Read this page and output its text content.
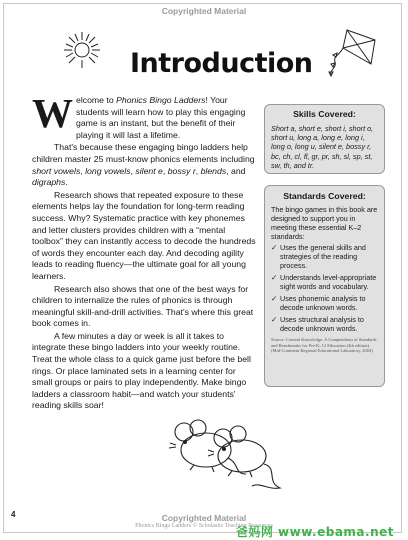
Copyrighted Material
Introduction

Welcome to Phonics Bingo Ladders! Your students will learn how to play this engaging game is an instant, but the benefit of their playing it will last a lifetime.

That's because these engaging bingo ladders help children master 25 must-know phonics elements including short vowels, long vowels, silent e, bossy r, blends, and digraphs.

Research shows that repeated exposure to these elements helps lay the foundation for long-term reading success. Why? Systematic practice with key phonemes and letter clusters provides children with a “mental toolbox” they can instantly access to decode the hundreds of words they encounter each day. And decoding agility leads to reading fluency—the ultimate goal for all young learners.

Research also shows that one of the best ways for children to internalize the rules of phonics is through meaningful skill-and-drill activities. That's where this great book comes in.

A few minutes a day or week is all it takes to integrate these bingo ladders into your weekly routine. Treat the whole class to a quick game just before the bell rings. Or place laminated sets in a learning center for small groups or pairs to play independently. Make bingo ladders a classroom habit—and watch your students' reading skills soar!

Skills Covered:
Short a, short e, short i, short o, short u, long a, long e, long i, long o, long u, silent e, bossy r, bc, ch, cl, fl, gr, pr, sh, sl, sp, st, sw, th, and tr.
Standards Covered:
The bingo games in this book are designed to support you in meeting these essential K–2 standards:
✓ Uses the general skills and strategies of the reading process.
✓ Understands level-appropriate sight words and vocabulary.
✓ Uses phonemic analysis to decode unknown words.
✓ Uses structural analysis to decode unknown words.
Source: Content Knowledge: A Compendium of Standards and Benchmarks for Pre-K–12 Education (4th edition). (Mid-Continent Regional Educational Laboratory, 2004)
4	Copyrighted Material
Phonics Bingo Ladders © Scholastic Teaching Resources
爸妈网 www.ebama.net
